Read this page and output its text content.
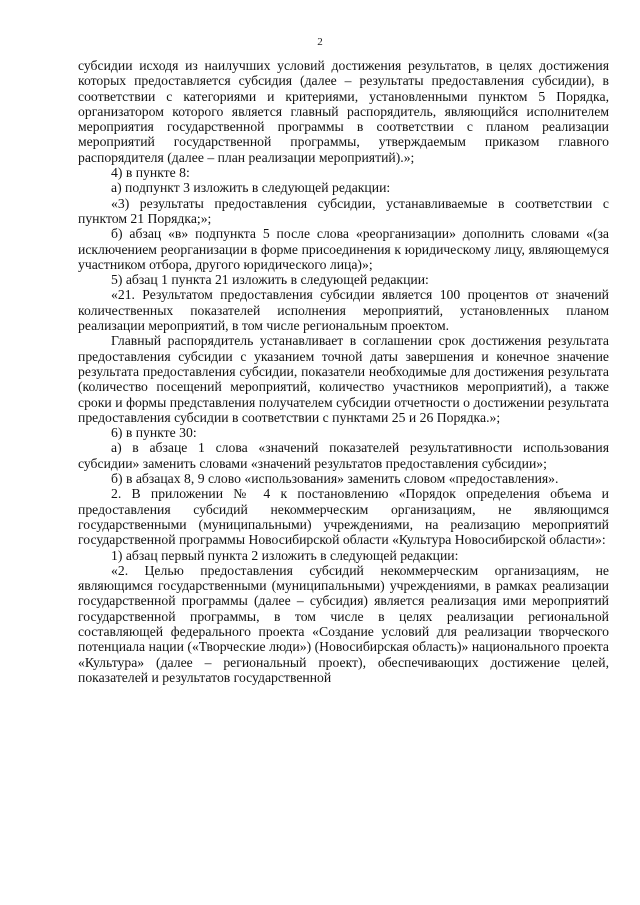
2

субсидии исходя из наилучших условий достижения результатов, в целях достижения которых предоставляется субсидия (далее – результаты предоставления субсидии), в соответствии с категориями и критериями, установленными пунктом 5 Порядка, организатором которого является главный распорядитель, являющийся исполнителем мероприятия государственной программы в соответствии с планом реализации мероприятий государственной программы, утверждаемым приказом главного распорядителя (далее – план реализации мероприятий).»;

4) в пункте 8:

а) подпункт 3 изложить в следующей редакции:

«3) результаты предоставления субсидии, устанавливаемые в соответствии с пунктом 21 Порядка;»;

б) абзац «в» подпункта 5 после слова «реорганизации» дополнить словами «(за исключением реорганизации в форме присоединения к юридическому лицу, являющемуся участником отбора, другого юридического лица)»;

5) абзац 1 пункта 21 изложить в следующей редакции:

«21. Результатом предоставления субсидии является 100 процентов от значений количественных показателей исполнения мероприятий, установленных планом реализации мероприятий, в том числе региональным проектом.

Главный распорядитель устанавливает в соглашении срок достижения результата предоставления субсидии с указанием точной даты завершения и конечное значение результата предоставления субсидии, показатели необходимые для достижения результата (количество посещений мероприятий, количество участников мероприятий), а также сроки и формы представления получателем субсидии отчетности о достижении результата предоставления субсидии в соответствии с пунктами 25 и 26 Порядка.»;

6) в пункте 30:

а) в абзаце 1 слова «значений показателей результативности использования субсидии» заменить словами «значений результатов предоставления субсидии»;

б) в абзацах 8, 9 слово «использования» заменить словом «предоставления».

2. В приложении № 4 к постановлению «Порядок определения объема и предоставления субсидий некоммерческим организациям, не являющимся государственными (муниципальными) учреждениями, на реализацию мероприятий государственной программы Новосибирской области «Культура Новосибирской области»:

1) абзац первый пункта 2 изложить в следующей редакции:

«2. Целью предоставления субсидий некоммерческим организациям, не являющимся государственными (муниципальными) учреждениями, в рамках реализации государственной программы (далее – субсидия) является реализация ими мероприятий государственной программы, в том числе в целях реализации региональной составляющей федерального проекта «Создание условий для реализации творческого потенциала нации («Творческие люди») (Новосибирская область)» национального проекта «Культура» (далее – региональный проект), обеспечивающих достижение целей, показателей и результатов государственной
